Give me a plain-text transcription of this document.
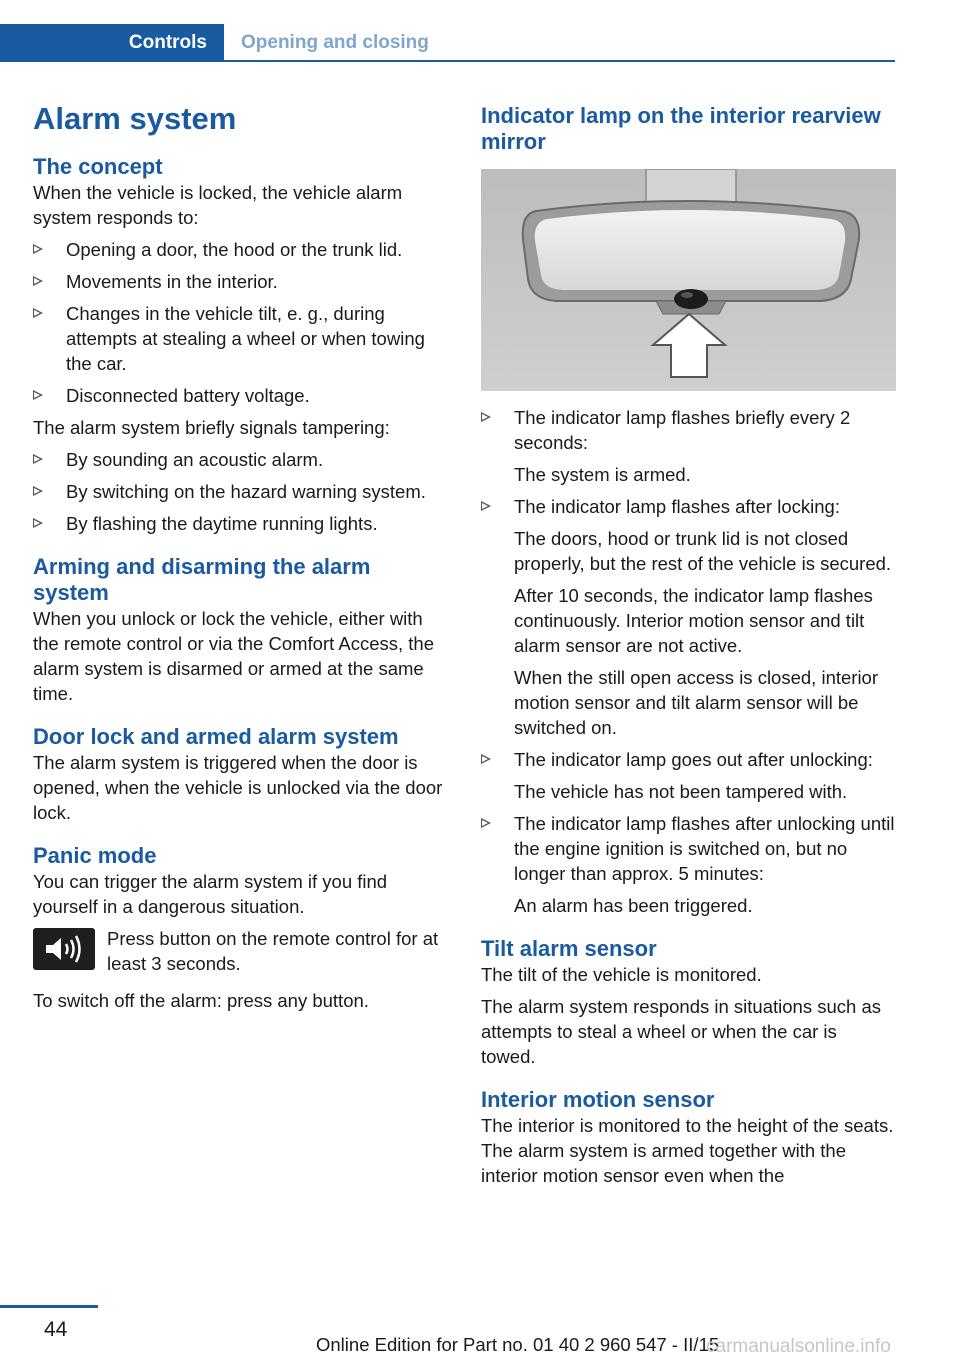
Controls	Opening and closing
Alarm system
The concept

When the vehicle is locked, the vehicle alarm system responds to:

Opening a door, the hood or the trunk lid.
Movements in the interior.
Changes in the vehicle tilt, e. g., during attempts at stealing a wheel or when towing the car.
Disconnected battery voltage.

The alarm system briefly signals tampering:

By sounding an acoustic alarm.
By switching on the hazard warning system.
By flashing the daytime running lights.
Arming and disarming the alarm system

When you unlock or lock the vehicle, either with the remote control or via the Comfort Access, the alarm system is disarmed or armed at the same time.

Door lock and armed alarm system

The alarm system is triggered when the door is opened, when the vehicle is unlocked via the door lock.

Panic mode

You can trigger the alarm system if you find yourself in a dangerous situation.

Press button on the remote control for at least 3 seconds.

To switch off the alarm: press any button.

Indicator lamp on the interior rearview mirror

The indicator lamp flashes briefly every 2 seconds:

The system is armed.

The indicator lamp flashes after locking:

The doors, hood or trunk lid is not closed properly, but the rest of the vehicle is secured.

After 10 seconds, the indicator lamp flashes continuously. Interior motion sensor and tilt alarm sensor are not active.

When the still open access is closed, interior motion sensor and tilt alarm sensor will be switched on.

The indicator lamp goes out after unlocking:

The vehicle has not been tampered with.

The indicator lamp flashes after unlocking until the engine ignition is switched on, but no longer than approx. 5 minutes:

An alarm has been triggered.

Tilt alarm sensor

The tilt of the vehicle is monitored.

The alarm system responds in situations such as attempts to steal a wheel or when the car is towed.

Interior motion sensor

The interior is monitored to the height of the seats. The alarm system is armed together with the interior motion sensor even when the

44
Online Edition for Part no. 01 40 2 960 547 - II/15
carmanualsonline.info
